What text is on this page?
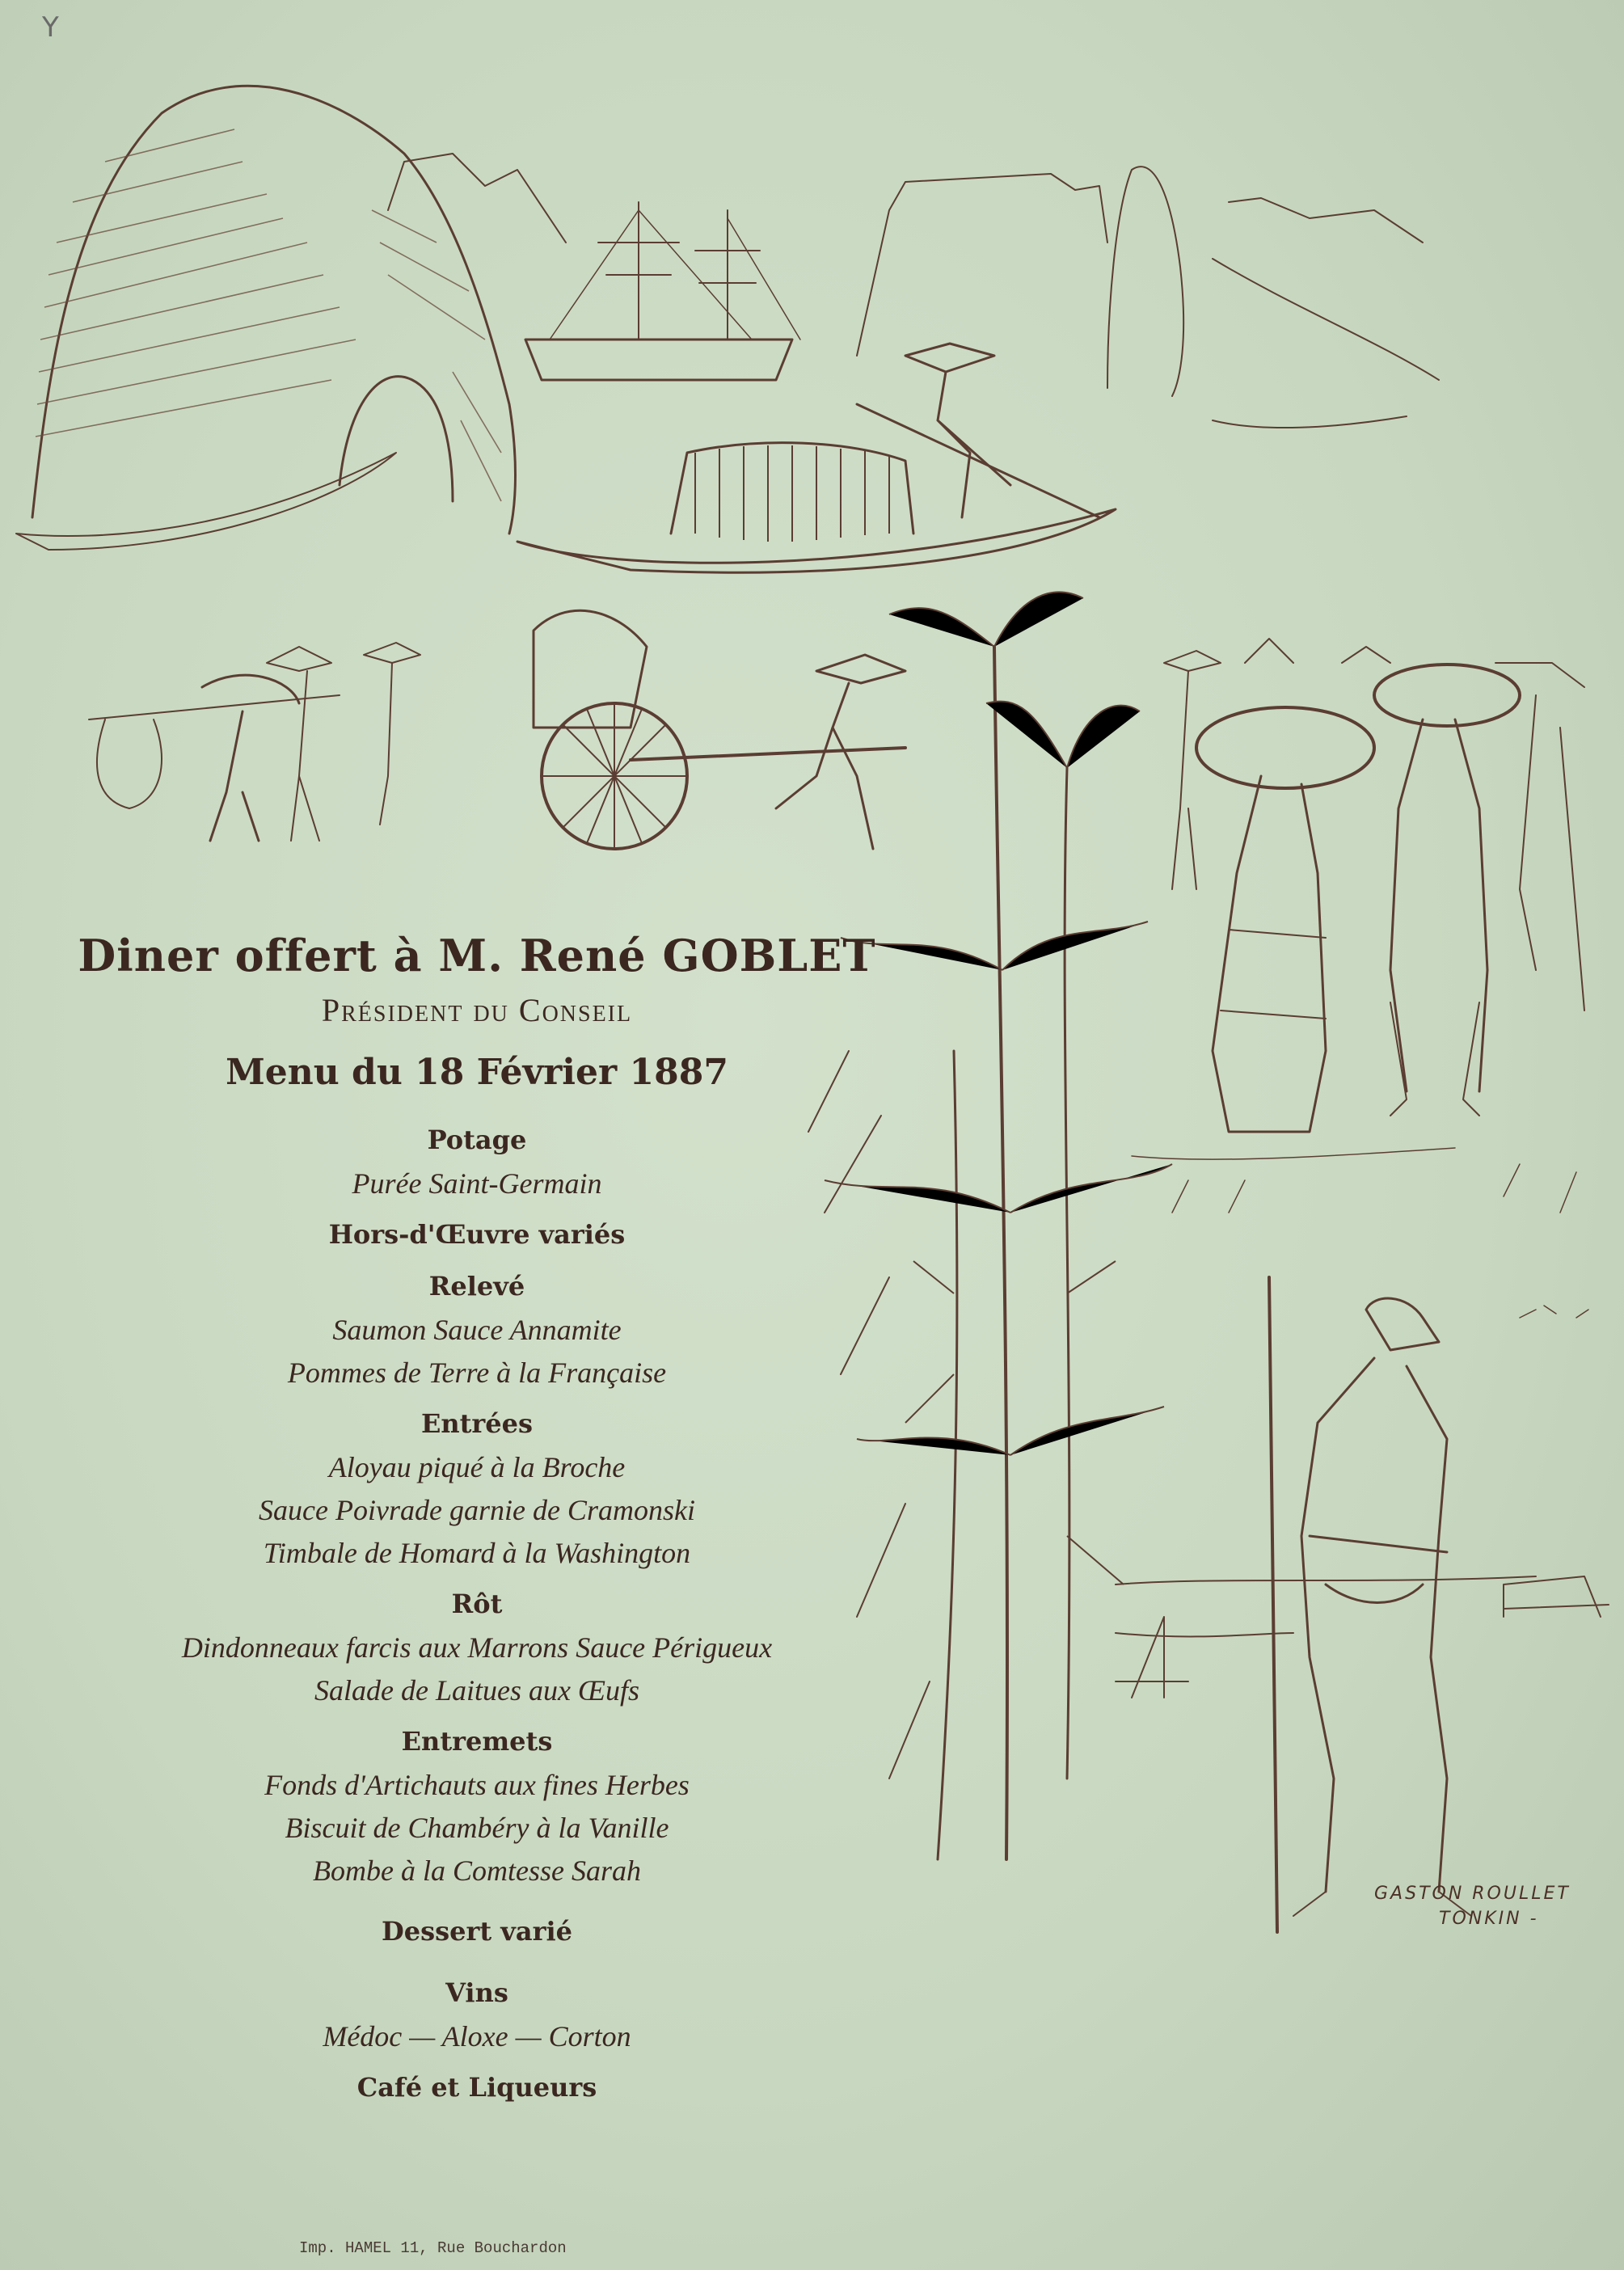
Y
Diner offert à M. René GOBLET
Président du Conseil
Menu du 18 Février 1887
Potage
Purée Saint-Germain
Hors-d'Œuvre variés
Relevé
Saumon Sauce Annamite
Pommes de Terre à la Française
Entrées
Aloyau piqué à la Broche
Sauce Poivrade garnie de Cramonski
Timbale de Homard à la Washington
Rôt
Dindonneaux farcis aux Marrons Sauce Périgueux
Salade de Laitues aux Œufs
Entremets
Fonds d'Artichauts aux fines Herbes
Biscuit de Chambéry à la Vanille
Bombe à la Comtesse Sarah
Dessert varié
Vins
Médoc — Aloxe — Corton
Café et Liqueurs
GASTON ROULLET
TONKIN -
Imp. HAMEL 11, Rue Bouchardon
